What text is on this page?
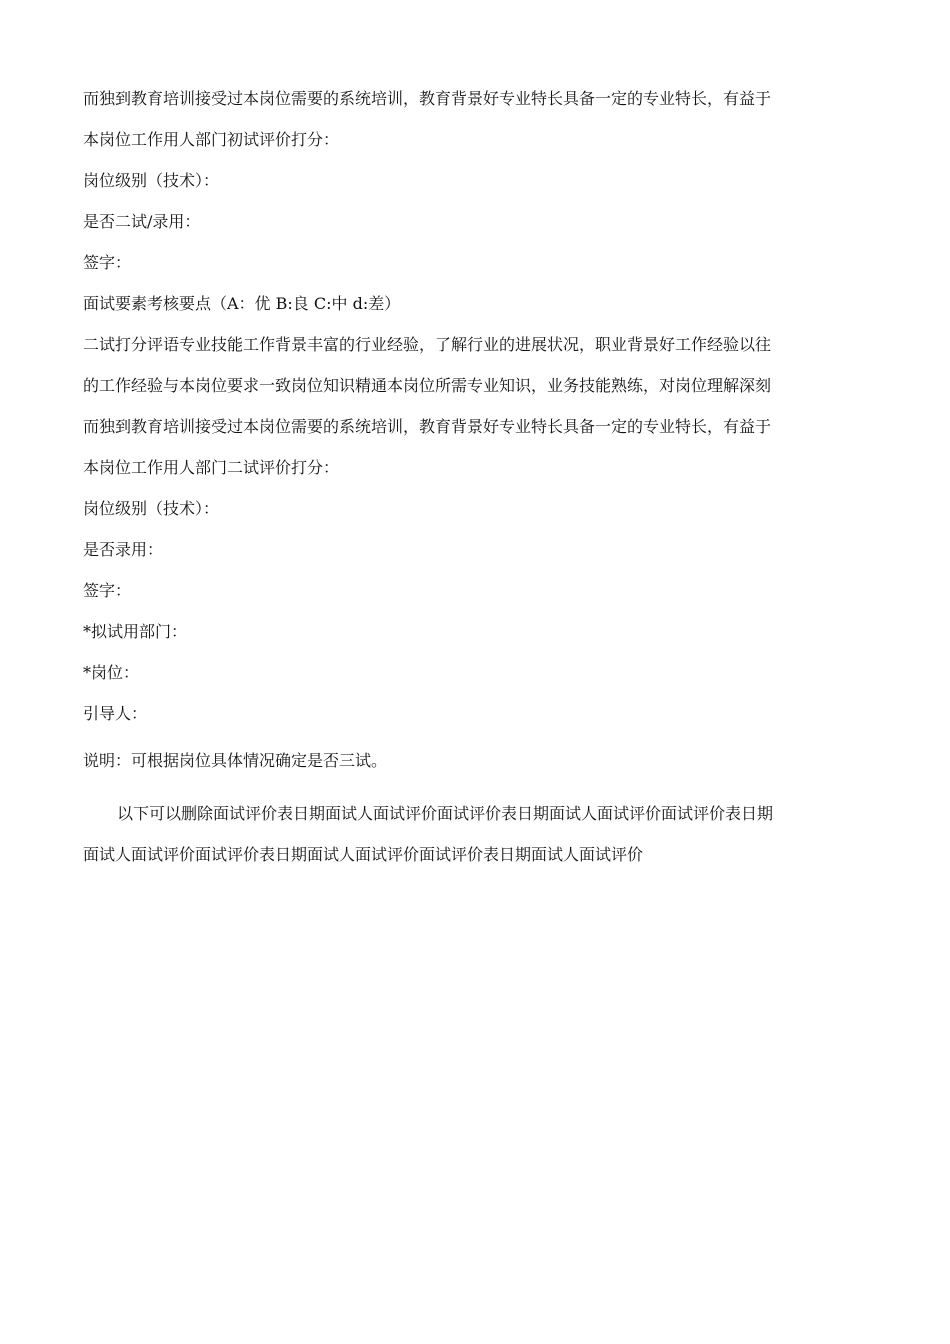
而独到教育培训接受过本岗位需要的系统培训，教育背景好专业特长具备一定的专业特长，有益于
本岗位工作用人部门初试评价打分：
岗位级别（技术）：
是否二试/录用：
签字：
面试要素考核要点（A：优 B:良 C:中 d:差）
二试打分评语专业技能工作背景丰富的行业经验，了解行业的进展状况，职业背景好工作经验以往
的工作经验与本岗位要求一致岗位知识精通本岗位所需专业知识，业务技能熟练，对岗位理解深刻
而独到教育培训接受过本岗位需要的系统培训，教育背景好专业特长具备一定的专业特长，有益于
本岗位工作用人部门二试评价打分：
岗位级别（技术）：
是否录用：
签字：
*拟试用部门：
*岗位：
引导人：
说明：可根据岗位具体情况确定是否三试。
以下可以删除面试评价表日期面试人面试评价面试评价表日期面试人面试评价面试评价表日期
面试人面试评价面试评价表日期面试人面试评价面试评价表日期面试人面试评价
